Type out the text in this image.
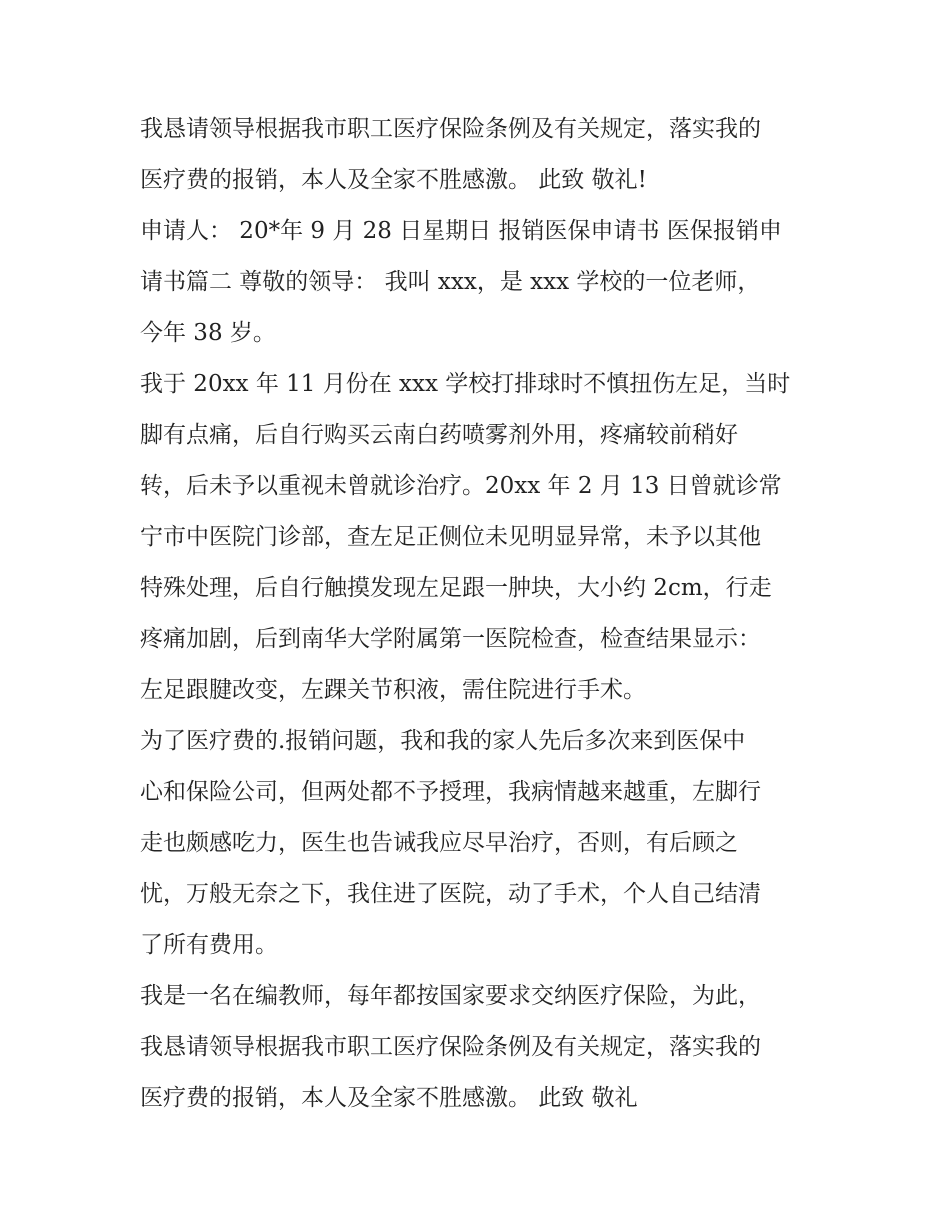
我恳请领导根据我市职工医疗保险条例及有关规定，落实我的
医疗费的报销，本人及全家不胜感激。 此致 敬礼!
申请人： 20*年 9 月 28 日星期日 报销医保申请书 医保报销申
请书篇二 尊敬的领导： 我叫 xxx，是 xxx 学校的一位老师，
今年 38 岁。
我于 20xx 年 11 月份在 xxx 学校打排球时不慎扭伤左足，当时
脚有点痛，后自行购买云南白药喷雾剂外用，疼痛较前稍好
转，后未予以重视未曾就诊治疗。20xx 年 2 月 13 日曾就诊常
宁市中医院门诊部，查左足正侧位未见明显异常，未予以其他
特殊处理，后自行触摸发现左足跟一肿块，大小约 2cm，行走
疼痛加剧，后到南华大学附属第一医院检查，检查结果显示：
左足跟腱改变，左踝关节积液，需住院进行手术。
为了医疗费的.报销问题，我和我的家人先后多次来到医保中
心和保险公司，但两处都不予授理，我病情越来越重，左脚行
走也颇感吃力，医生也告诫我应尽早治疗，否则，有后顾之
忧，万般无奈之下，我住进了医院，动了手术，个人自己结清
了所有费用。
我是一名在编教师，每年都按国家要求交纳医疗保险，为此，
我恳请领导根据我市职工医疗保险条例及有关规定，落实我的
医疗费的报销，本人及全家不胜感激。 此致 敬礼
